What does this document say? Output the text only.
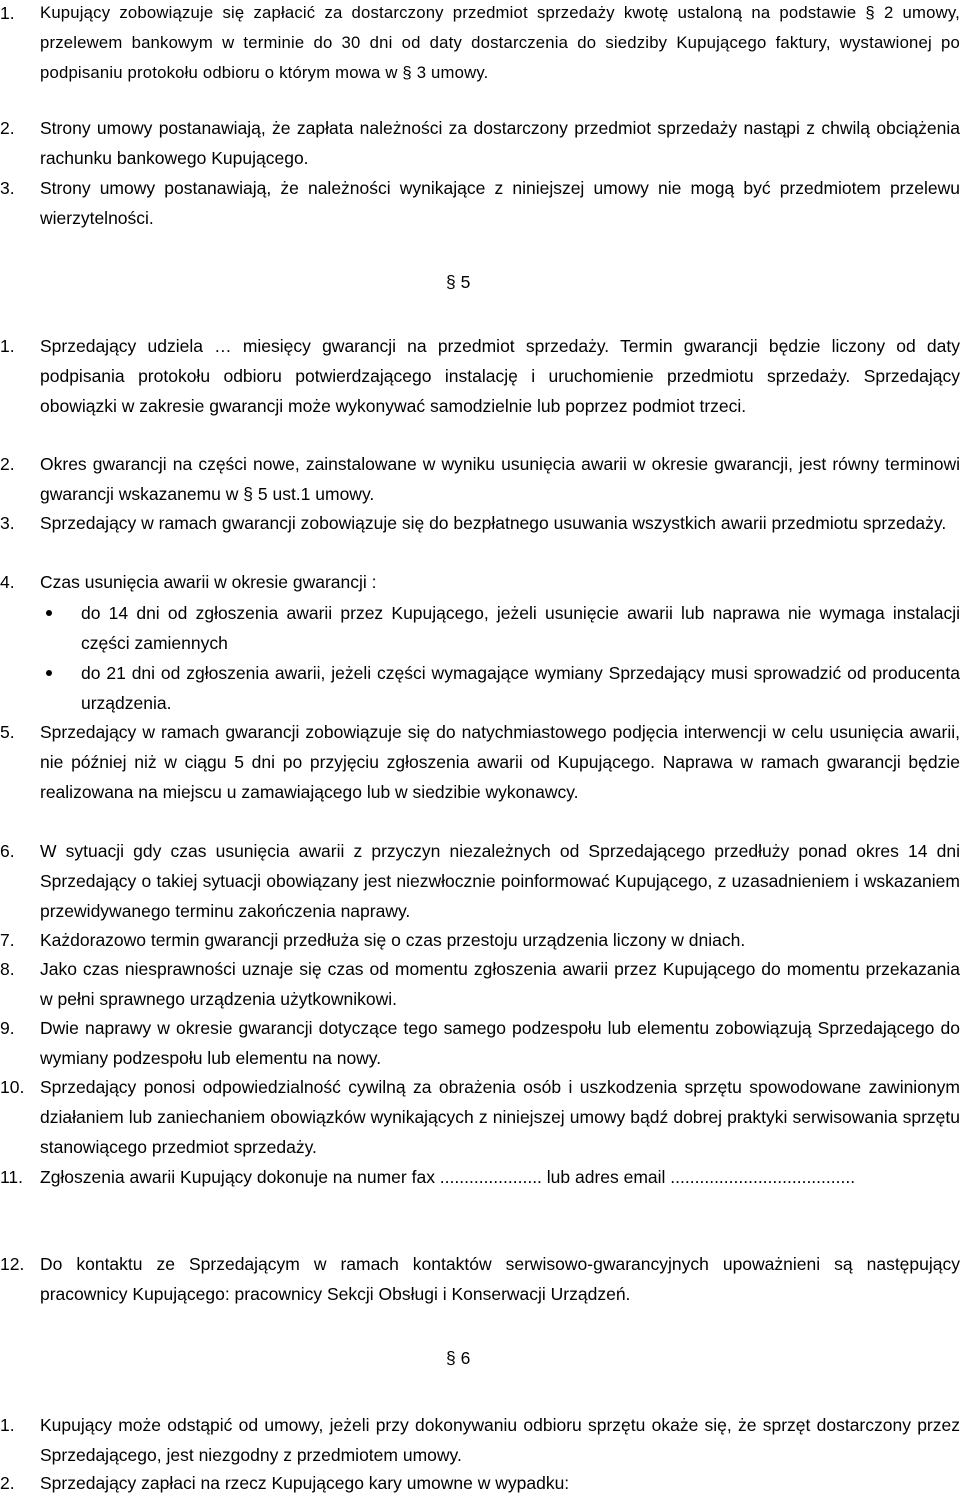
1. Kupujący zobowiązuje się zapłacić za dostarczony przedmiot sprzedaży kwotę ustaloną na podstawie § 2 umowy, przelewem bankowym w terminie do 30 dni od daty dostarczenia do siedziby Kupującego faktury, wystawionej po podpisaniu protokołu odbioru o którym mowa w § 3 umowy.
2. Strony umowy postanawiają, że zapłata należności za dostarczony przedmiot sprzedaży nastąpi z chwilą obciążenia rachunku bankowego Kupującego.
3. Strony umowy postanawiają, że należności wynikające z niniejszej umowy nie mogą być przedmiotem przelewu wierzytelności.
§ 5
1. Sprzedający udziela … miesięcy gwarancji na przedmiot sprzedaży. Termin gwarancji będzie liczony od daty podpisania protokołu odbioru potwierdzającego instalację i uruchomienie przedmiotu sprzedaży. Sprzedający obowiązki w zakresie gwarancji może wykonywać samodzielnie lub poprzez podmiot trzeci.
2. Okres gwarancji na części nowe, zainstalowane w wyniku usunięcia awarii w okresie gwarancji, jest równy terminowi gwarancji wskazanemu w § 5 ust.1 umowy.
3. Sprzedający w ramach gwarancji zobowiązuje się do bezpłatnego usuwania wszystkich awarii przedmiotu sprzedaży.
4. Czas usunięcia awarii w okresie gwarancji :
do 14 dni od zgłoszenia awarii przez Kupującego, jeżeli usunięcie awarii lub naprawa nie wymaga instalacji części zamiennych
do 21 dni od zgłoszenia awarii, jeżeli części wymagające wymiany Sprzedający musi sprowadzić od producenta urządzenia.
5. Sprzedający w ramach gwarancji zobowiązuje się do natychmiastowego podjęcia interwencji w celu usunięcia awarii, nie później niż w ciągu 5 dni po przyjęciu zgłoszenia awarii od Kupującego. Naprawa w ramach gwarancji będzie realizowana na miejscu u zamawiającego lub w siedzibie wykonawcy.
6. W sytuacji gdy czas usunięcia awarii z przyczyn niezależnych od Sprzedającego przedłuży ponad okres 14 dni Sprzedający o takiej sytuacji obowiązany jest niezwłocznie poinformować Kupującego, z uzasadnieniem i wskazaniem przewidywanego terminu zakończenia naprawy.
7. Każdorazowo termin gwarancji przedłuża się o czas przestoju urządzenia liczony w dniach.
8. Jako czas niesprawności uznaje się czas od momentu zgłoszenia awarii przez Kupującego do momentu przekazania w pełni sprawnego urządzenia użytkownikowi.
9. Dwie naprawy w okresie gwarancji dotyczące tego samego podzespołu lub elementu zobowiązują Sprzedającego do wymiany podzespołu lub elementu na nowy.
10. Sprzedający ponosi odpowiedzialność cywilną za obrażenia osób i uszkodzenia sprzętu spowodowane zawinionym działaniem lub zaniechaniem obowiązków wynikających z niniejszej umowy bądź dobrej praktyki serwisowania sprzętu stanowiącego przedmiot sprzedaży.
11. Zgłoszenia awarii Kupujący dokonuje na numer fax ..................... lub adres email ......................................
12. Do kontaktu ze Sprzedającym w ramach kontaktów serwisowo-gwarancyjnych upoważnieni są następujący pracownicy Kupującego: pracownicy Sekcji Obsługi i Konserwacji Urządzeń.
§ 6
1. Kupujący może odstąpić od umowy, jeżeli przy dokonywaniu odbioru sprzętu okaże się, że sprzęt dostarczony przez Sprzedającego, jest niezgodny z przedmiotem umowy.
2. Sprzedający zapłaci na rzecz Kupującego kary umowne w wypadku:
